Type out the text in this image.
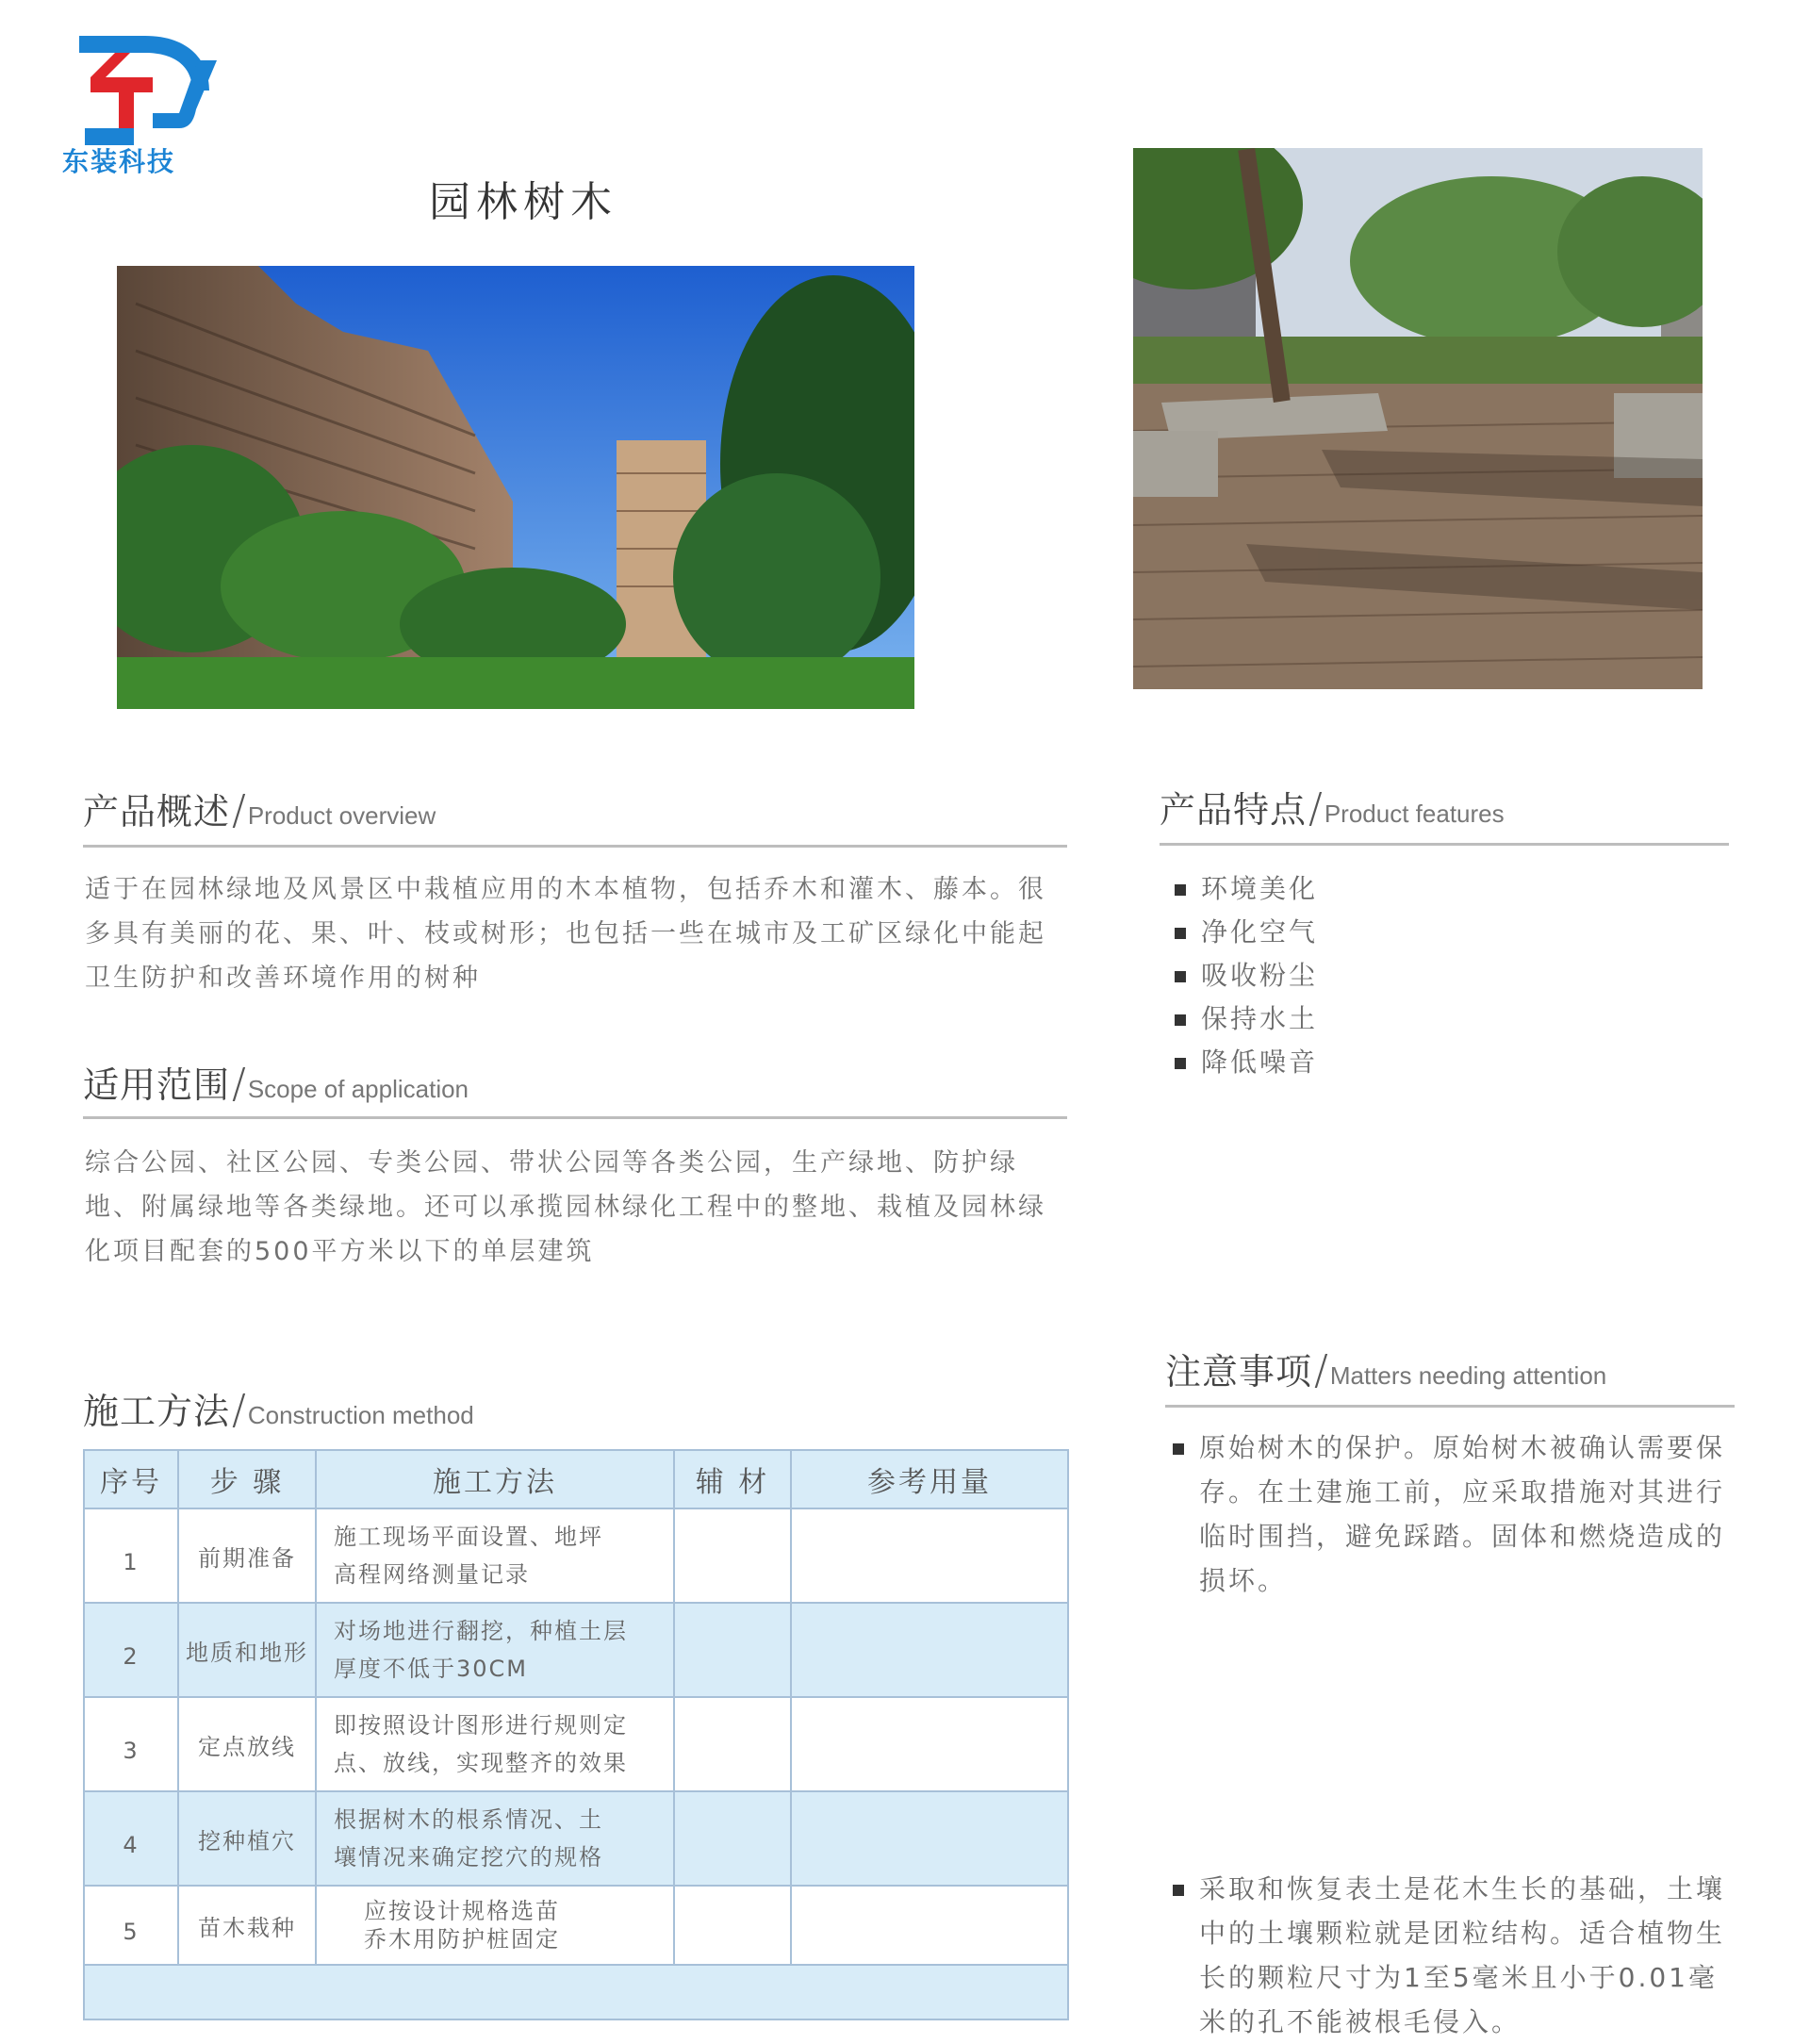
东装科技
园林树木
产品概述/Product overview

适于在园林绿地及风景区中栽植应用的木本植物，包括乔木和灌木、藤本。很多具有美丽的花、果、叶、枝或树形；也包括一些在城市及工矿区绿化中能起卫生防护和改善环境作用的树种

适用范围/Scope of application

综合公园、社区公园、专类公园、带状公园等各类公园，生产绿地、防护绿地、附属绿地等各类绿地。还可以承揽园林绿化工程中的整地、栽植及园林绿化项目配套的500平方米以下的单层建筑

产品特点/Product features
环境美化
净化空气
吸收粉尘
保持水土
降低噪音
施工方法/Construction method
序号	步 骤	施工方法	辅 材	参考用量
1	前期准备	施工现场平面设置、地坪
高程网络测量记录		

2	地质和地形	对场地进行翻挖，种植土层
厚度不低于30CM		

3	定点放线	即按照设计图形进行规则定
点、放线，实现整齐的效果		

4	挖种植穴	根据树木的根系情况、土
壤情况来确定挖穴的规格		

5	苗木栽种	应按设计规格选苗
乔木用防护桩固定		

注意事项/Matters needing attention

原始树木的保护。原始树木被确认需要保存。在土建施工前，应采取措施对其进行临时围挡，避免踩踏。固体和燃烧造成的损坏。

采取和恢复表土是花木生长的基础，土壤中的土壤颗粒就是团粒结构。适合植物生长的颗粒尺寸为1至5毫米且小于0.01毫米的孔不能被根毛侵入。
